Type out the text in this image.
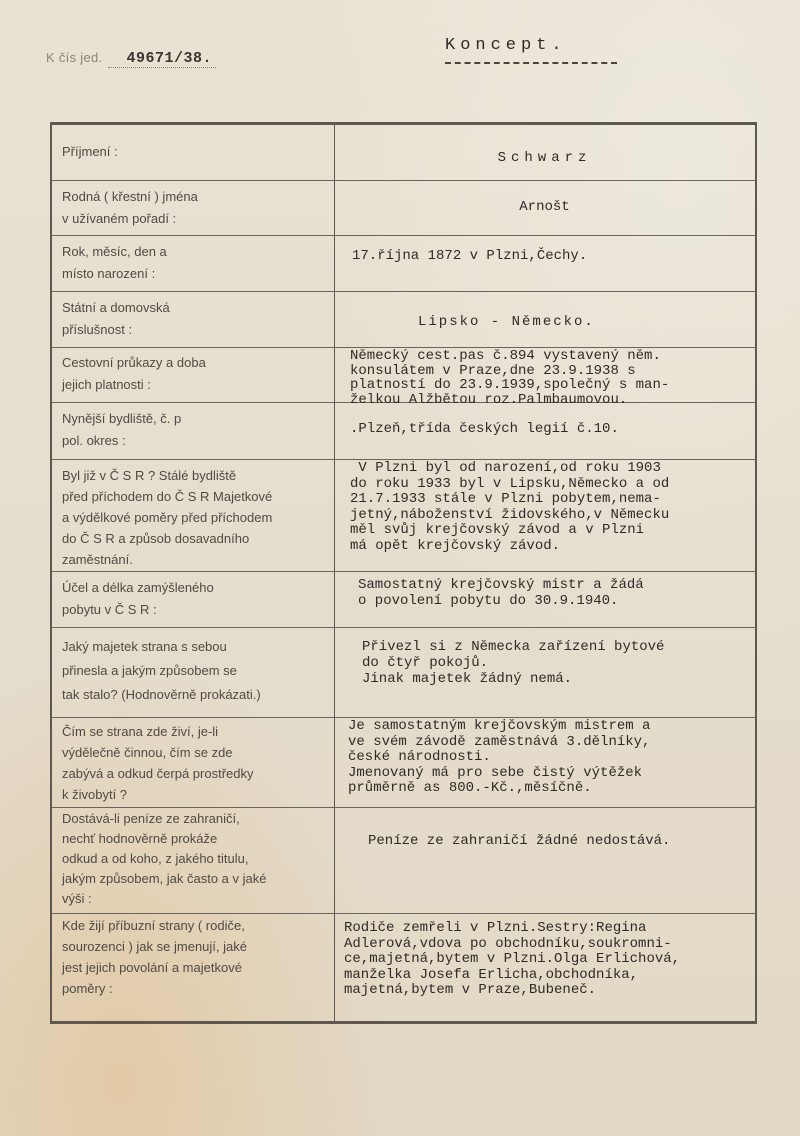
K čís jed. 49671/38.
Koncept.
Příjmení :	Schwarz
Rodná ( křestní ) jména
v užívaném pořadí :
Arnošt
Rok, měsíc, den a
místo narození :
17.října 1872 v Plzni,Čechy.
Státní a domovská
příslušnost :	Lipsko - Německo.
Cestovní průkazy a doba
jejich platnosti :
Německý cest.pas č.894 vystavený něm.
konsulátem v Praze,dne 23.9.1938 s
platností do 23.9.1939,společný s man-
želkou Alžbětou roz.Palmbaumovou.
Nynější bydliště, č. p
pol. okres :
.Plzeň,třída českých legií č.10.
Byl již v Č S R ? Stálé bydliště
před příchodem do Č S R Majetkové
a výdělkové poměry před příchodem
do Č S R a způsob dosavadního
zaměstnání.
V Plzni byl od narození,od roku 1903
do roku 1933 byl v Lipsku,Německo a od
21.7.1933 stále v Plzni pobytem,nema-
jetný,náboženství židovského,v Německu
měl svůj krejčovský závod a v Plzni
má opět krejčovský závod.
Účel a délka zamýšleného
pobytu v Č S R :
Samostatný krejčovský mistr a žádá
o povolení pobytu do 30.9.1940.
Jaký majetek strana s sebou
přinesla a jakým způsobem se
tak stalo? (Hodnověrně prokázati.)
Přivezl si z Německa zařízení bytové
do čtyř pokojů.
Jinak majetek žádný nemá.
Čím se strana zde živí, je-li
výdělečně činnou, čím se zde
zabývá a odkud čerpá prostředky
k živobytí ?
Je samostatným krejčovským mistrem a
ve svém závodě zaměstnává 3.dělníky,
české národnosti.
Jmenovaný má pro sebe čistý výtěžek
průměrně as 800.-Kč.,měsíčně.
Dostává-li peníze ze zahraničí,
nechť hodnověrně prokáže
odkud a od koho, z jakého titulu,
jakým způsobem, jak často a v jaké
výši :
Peníze ze zahraničí žádné nedostává.
Kde žijí příbuzní strany ( rodiče,
sourozenci ) jak se jmenují, jaké
jest jejich povolání a majetkové
poměry :
Rodiče zemřeli v Plzni.Sestry:Regina
Adlerová,vdova po obchodníku,soukromni-
ce,majetná,bytem v Plzni.Olga Erlichová,
manželka Josefa Erlicha,obchodníka,
majetná,bytem v Praze,Bubeneč.
